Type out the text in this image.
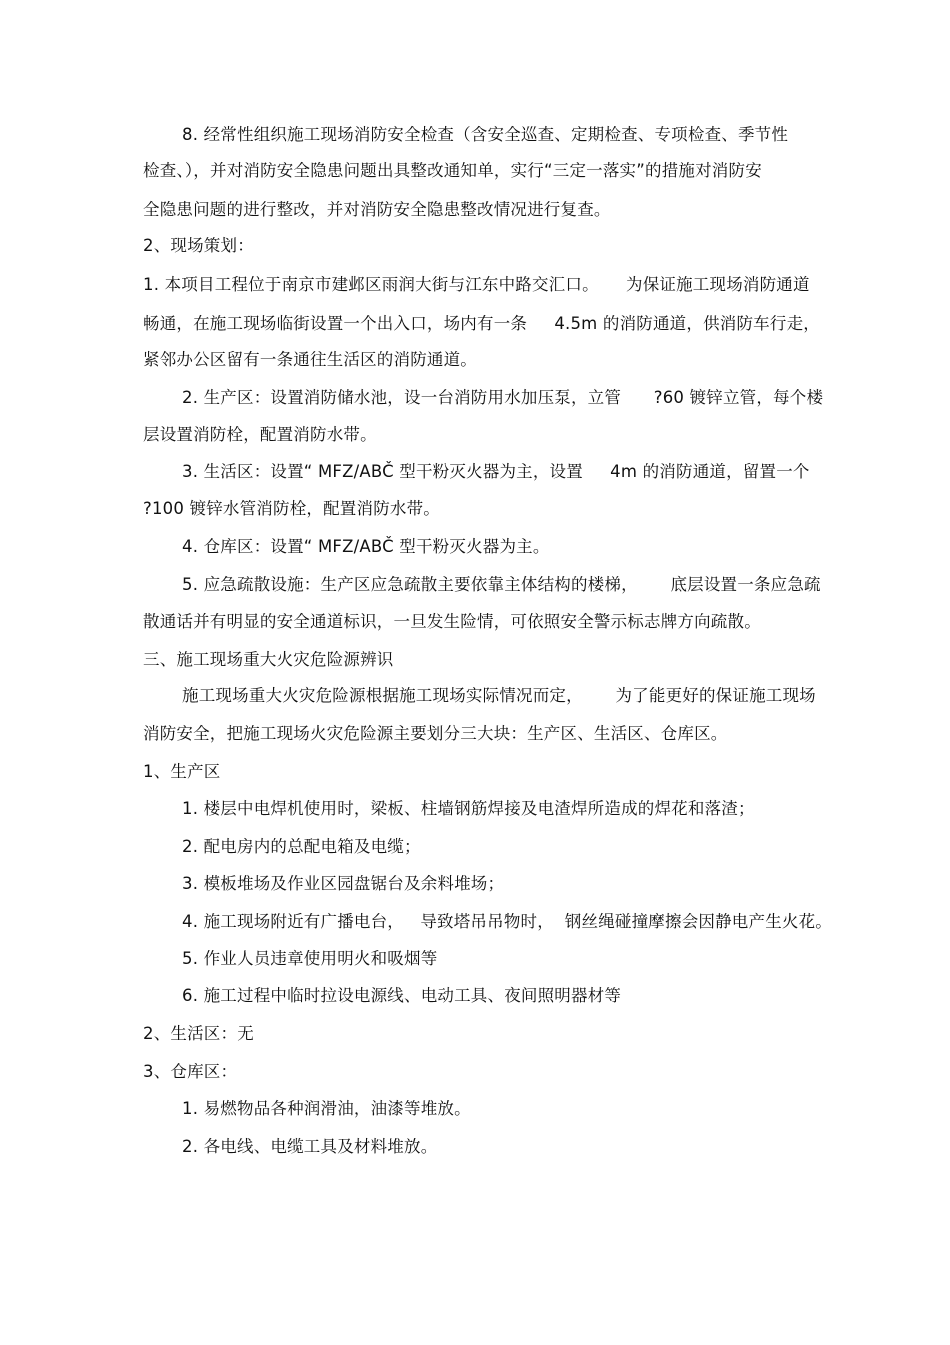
8. 经常性组织施工现场消防安全检查（含安全巡查、定期检查、专项检查、季节性
检查、），并对消防安全隐患问题出具整改通知单，实行“三定一落实”的措施对消防安
全隐患问题的进行整改，并对消防安全隐患整改情况进行复查。
2、现场策划：
1. 本项目工程位于南京市建邺区雨润大街与江东中路交汇口。     为保证施工现场消防通道
畅通，在施工现场临街设置一个出入口，场内有一条     4.5m 的消防通道，供消防车行走，
紧邻办公区留有一条通往生活区的消防通道。
2. 生产区：设置消防储水池，设一台消防用水加压泵，立管      ?60 镀锌立管，每个楼
层设置消防栓，配置消防水带。
3. 生活区：设置“ MFZ/ABČ 型干粉灭火器为主，设置     4m 的消防通道，留置一个
?100 镀锌水管消防栓，配置消防水带。
4. 仓库区：设置“ MFZ/ABČ 型干粉灭火器为主。
5. 应急疏散设施：生产区应急疏散主要依靠主体结构的楼梯，      底层设置一条应急疏
散通话并有明显的安全通道标识，一旦发生险情，可依照安全警示标志牌方向疏散。
三、施工现场重大火灾危险源辨识
施工现场重大火灾危险源根据施工现场实际情况而定，      为了能更好的保证施工现场
消防安全，把施工现场火灾危险源主要划分三大块：生产区、生活区、仓库区。
1、生产区
1. 楼层中电焊机使用时，梁板、柱墙钢筋焊接及电渣焊所造成的焊花和落渣；
2. 配电房内的总配电箱及电缆；
3. 模板堆场及作业区园盘锯台及余料堆场；
4. 施工现场附近有广播电台，   导致塔吊吊物时，  钢丝绳碰撞摩擦会因静电产生火花。
5. 作业人员违章使用明火和吸烟等
6. 施工过程中临时拉设电源线、电动工具、夜间照明器材等
2、生活区：无
3、仓库区：
1. 易燃物品各种润滑油，油漆等堆放。
2. 各电线、电缆工具及材料堆放。
